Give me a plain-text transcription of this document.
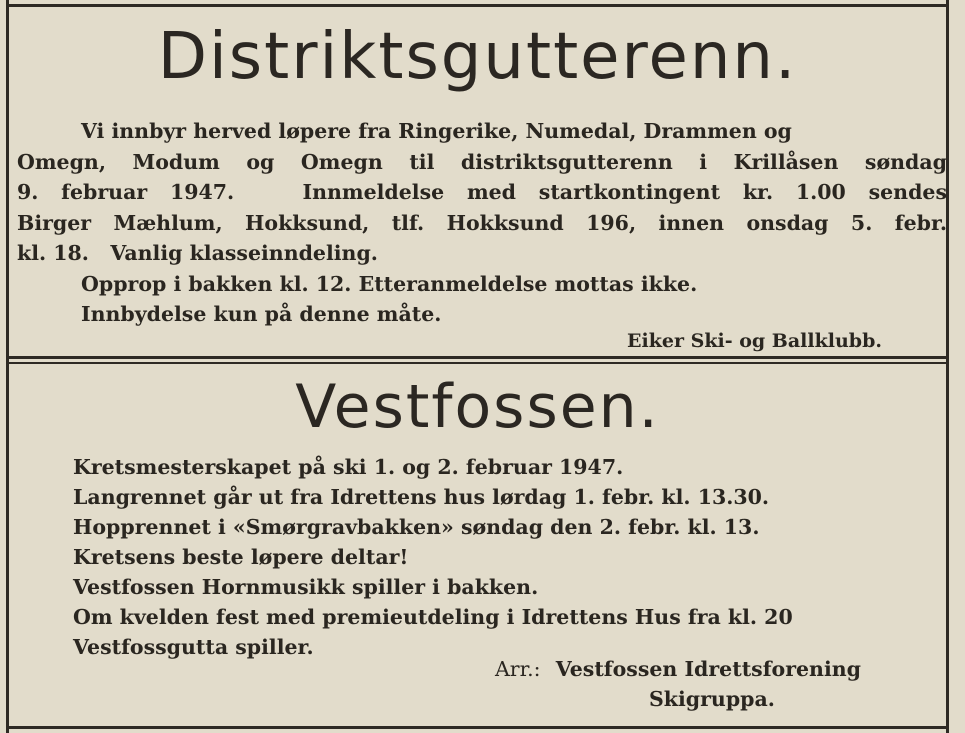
Distriktsgutterenn.
Vi innbyr herved løpere fra Ringerike, Numedal, Drammen og
Omegn, Modum og Omegn til distriktsgutterenn i Krillåsen søndag
9. februar 1947.   Innmeldelse med startkontingent kr. 1.00 sendes
Birger Mæhlum, Hokksund, tlf. Hokksund 196, innen onsdag 5. febr.
kl. 18.   Vanlig klasseinndeling.
Opprop i bakken kl. 12. Etteranmeldelse mottas ikke.
Innbydelse kun på denne måte.
Eiker Ski- og Ballklubb.
Vestfossen.
Kretsmesterskapet på ski 1. og 2. februar 1947.
Langrennet går ut fra Idrettens hus lørdag 1. febr. kl. 13.30.
Hopprennet i «Smørgravbakken» søndag den 2. febr. kl. 13.
Kretsens beste løpere deltar!
Vestfossen Hornmusikk spiller i bakken.
Om kvelden fest med premieutdeling i Idrettens Hus fra kl. 20
Vestfossgutta spiller.
Arr.: Vestfossen Idrettsforening
Skigruppa.
